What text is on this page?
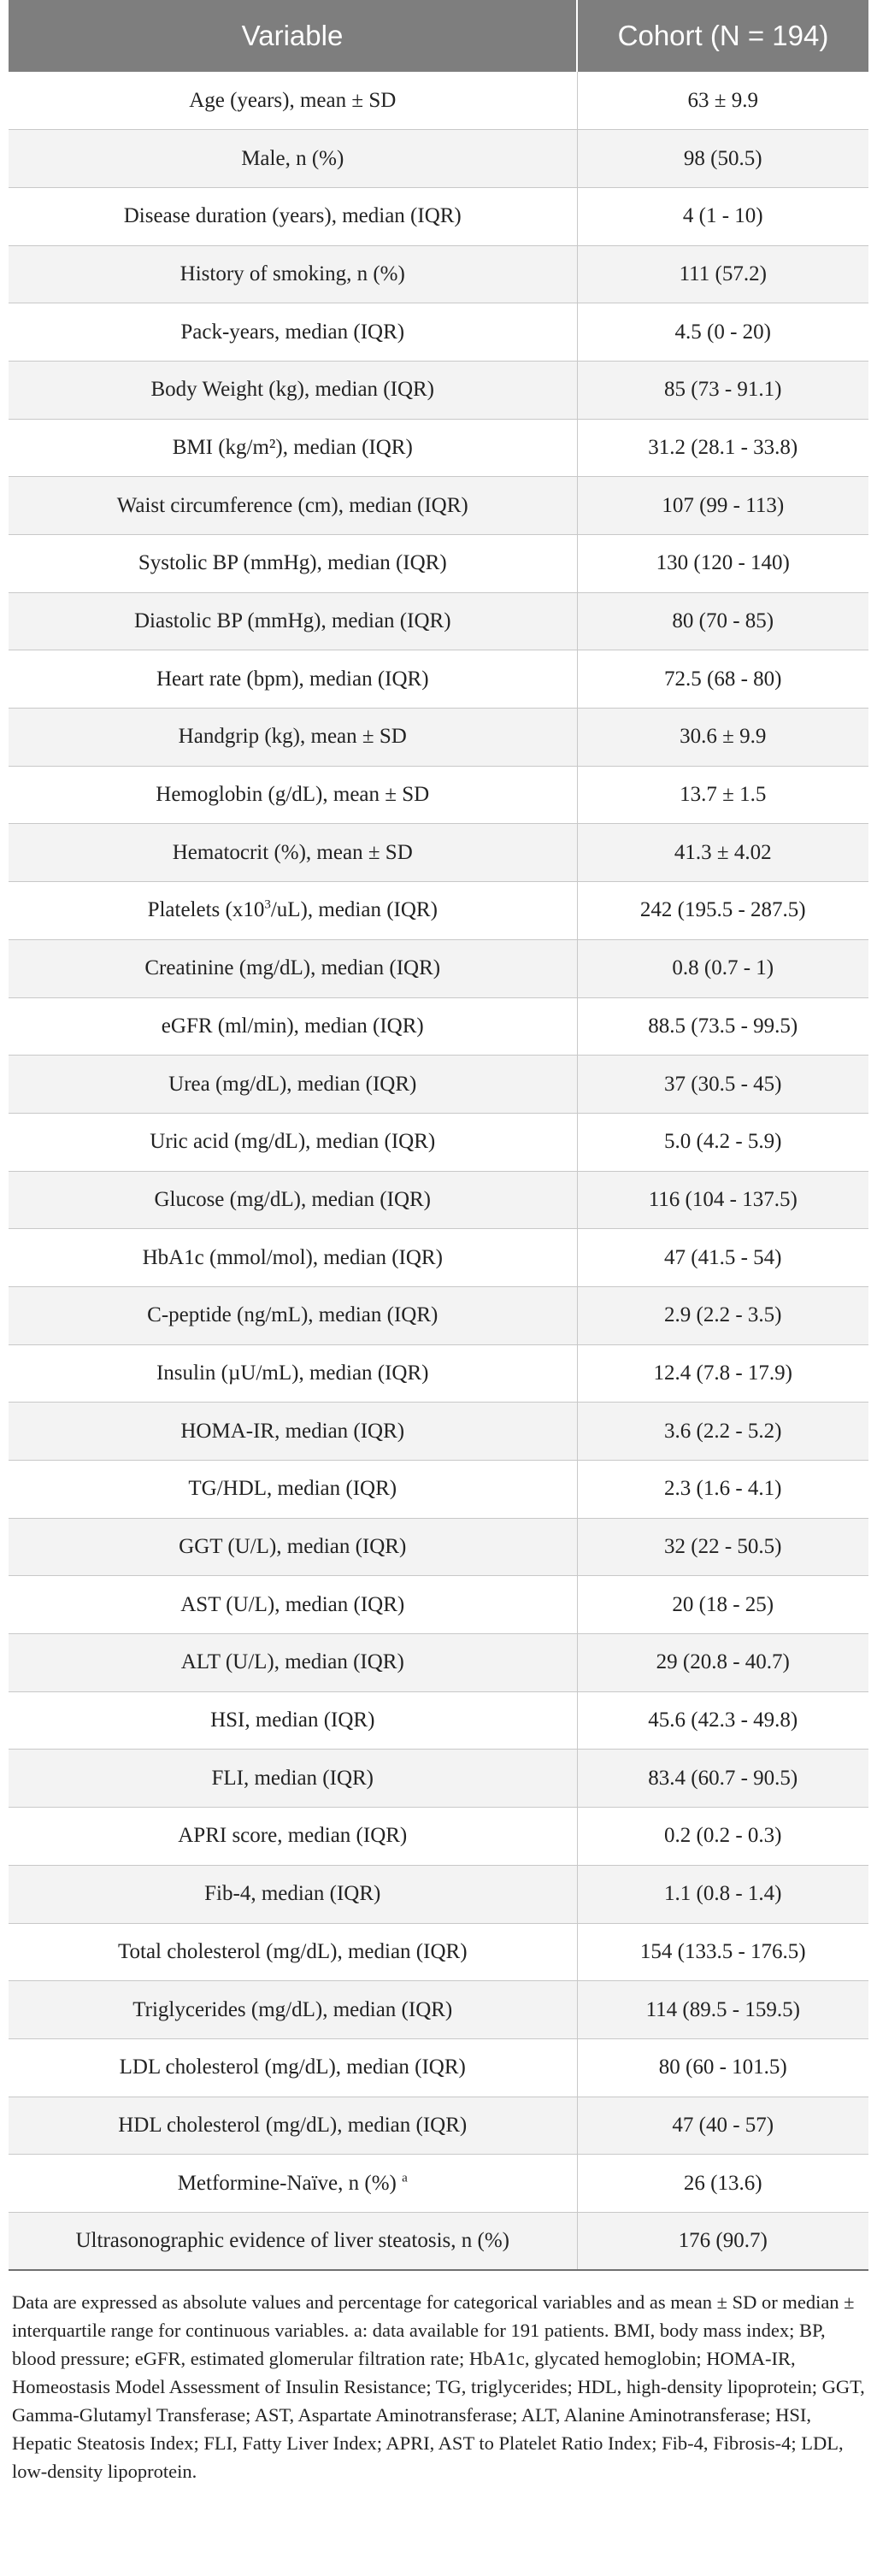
Variable	Cohort (N = 194)
Age (years), mean ± SD	63 ± 9.9
Male, n (%)	98 (50.5)
Disease duration (years), median (IQR)	4 (1 - 10)
History of smoking, n (%)	111 (57.2)
Pack-years, median (IQR)	4.5 (0 - 20)
Body Weight (kg), median (IQR)	85 (73 - 91.1)
BMI (kg/m²), median (IQR)	31.2 (28.1 - 33.8)
Waist circumference (cm), median (IQR)	107 (99 - 113)
Systolic BP (mmHg), median (IQR)	130 (120 - 140)
Diastolic BP (mmHg), median (IQR)	80 (70 - 85)
Heart rate (bpm), median (IQR)	72.5 (68 - 80)
Handgrip (kg), mean ± SD	30.6 ± 9.9
Hemoglobin (g/dL), mean ± SD	13.7 ± 1.5
Hematocrit (%), mean ± SD	41.3 ± 4.02
Platelets $(x10^3/uL)$, median (IQR)	242 (195.5 - 287.5)
Creatinine (mg/dL), median (IQR)	0.8 (0.7 - 1)
eGFR (ml/min), median (IQR)	88.5 (73.5 - 99.5)
Urea (mg/dL), median (IQR)	37 (30.5 - 45)
Uric acid (mg/dL), median (IQR)	5.0 (4.2 - 5.9)
Glucose (mg/dL), median (IQR)	116 (104 - 137.5)
HbA1c (mmol/mol), median (IQR)	47 (41.5 - 54)
C-peptide (ng/mL), median (IQR)	2.9 (2.2 - 3.5)
Insulin (µU/mL), median (IQR)	12.4 (7.8 - 17.9)
HOMA-IR, median (IQR)	3.6 (2.2 - 5.2)
TG/HDL, median (IQR)	2.3 (1.6 - 4.1)
GGT (U/L), median (IQR)	32 (22 - 50.5)
AST (U/L), median (IQR)	20 (18 - 25)
ALT (U/L), median (IQR)	29 (20.8 - 40.7)
HSI, median (IQR)	45.6 (42.3 - 49.8)
FLI, median (IQR)	83.4 (60.7 - 90.5)
APRI score, median (IQR)	0.2 (0.2 - 0.3)
Fib-4, median (IQR)	1.1 (0.8 - 1.4)
Total cholesterol (mg/dL), median (IQR)	154 (133.5 - 176.5)
Triglycerides (mg/dL), median (IQR)	114 (89.5 - 159.5)
LDL cholesterol (mg/dL), median (IQR)	80 (60 - 101.5)
HDL cholesterol (mg/dL), median (IQR)	47 (40 - 57)
Metformine-Naïve, n (%) $^a$	26 (13.6)
Ultrasonographic evidence of liver steatosis, n (%)	176 (90.7)
Data are expressed as absolute values and percentage for categorical variables and as mean ± SD or median ± interquartile range for continuous variables. a: data available for 191 patients. BMI, body mass index; BP, blood pressure; eGFR, estimated glomerular filtration rate; HbA1c, glycated hemoglobin; HOMA-IR, Homeostasis Model Assessment of Insulin Resistance; TG, triglycerides; HDL, high-density lipoprotein; GGT, Gamma-Glutamyl Transferase; AST, Aspartate Aminotransferase; ALT, Alanine Aminotransferase; HSI, Hepatic Steatosis Index; FLI, Fatty Liver Index; APRI, AST to Platelet Ratio Index; Fib-4, Fibrosis-4; LDL, low-density lipoprotein.
